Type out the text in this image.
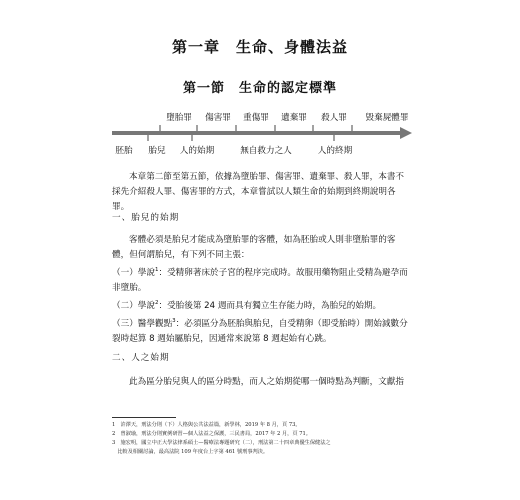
第一章　生命、身體法益
第一節　生命的認定標準
墮胎罪 傷害罪 重傷罪 遺棄罪 殺人罪 毀棄屍體罪
胚胎 胎兒 人的始期	無自救力之人	人的終期

本章第二節至第五節，依據為墮胎罪、傷害罪、遺棄罪、殺人罪，本書不採先介紹殺人罪、傷害罪的方式，本章嘗試以人類生命的始期到終期說明各罪。

一、胎兒的始期

客體必須是胎兒才能成為墮胎罪的客體，如為胚胎或人則非墮胎罪的客體，但何謂胎兒，有下列不同主張：

（一）學說$^1$：受精卵著床於子宮的程序完成時。故服用藥物阻止受精為避孕而非墮胎。

（二）學說$^2$：受胎後第 24 週而具有獨立生存能力時，為胎兒的始期。

（三）醫學觀點$^3$：必須區分為胚胎與胎兒，自受精卵（即受胎時）開始減數分裂時起算 8 週始屬胎兒，因通常來說第 8 週起始有心跳。

二、人之始期

此為區分胎兒與人的區分時點，而人之始期從哪一個時點為判斷，文獻指

1　許澤天，刑法分則（下）人格與公共法益篇，新學林，2019 年 8 月，頁 73。
2　曾淑瑜，刑法分則實例研習—個人法益之保護，三民書局，2017 年 2 月，頁 71。
3　施宏明，國立中正大學法律系碩士—醫療法專題研究（二），刑法第二十四章典優生保健法之
　比較及相關討論，最高法院 109 年度台上字第 461 號刑事判決。
